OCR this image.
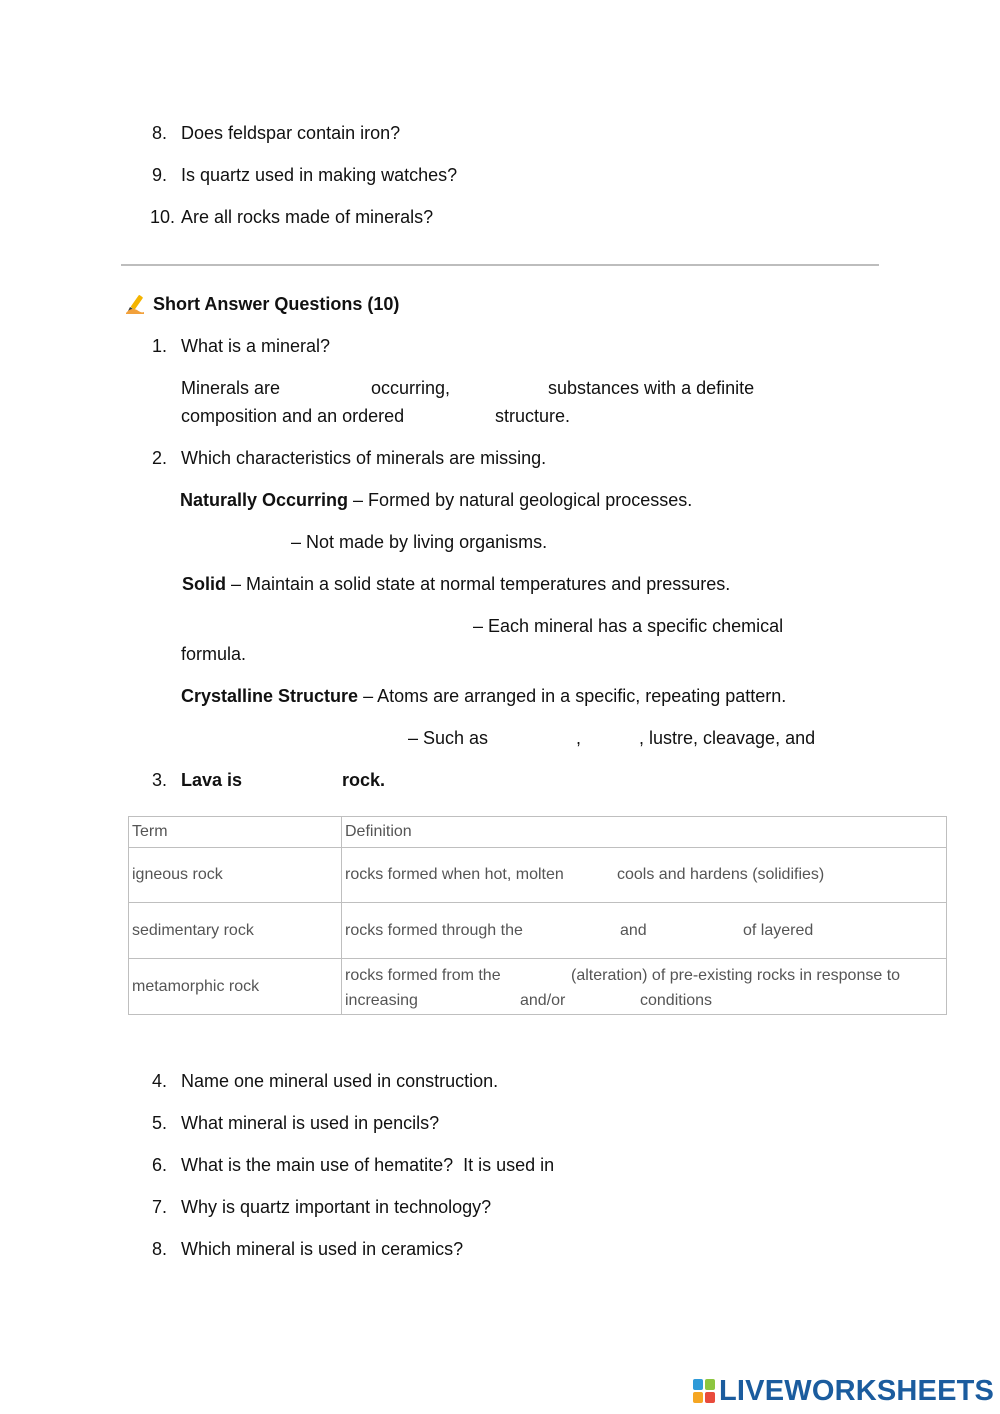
8. Does feldspar contain iron?
9. Is quartz used in making watches?
10. Are all rocks made of minerals?
Short Answer Questions (10)
1. What is a mineral?
Minerals are	occurring,	substances with a definite
composition and an ordered	structure.
2. Which characteristics of minerals are missing.
Naturally Occurring – Formed by natural geological processes.
– Not made by living organisms.
Solid – Maintain a solid state at normal temperatures and pressures.
– Each mineral has a specific chemical
formula.
Crystalline Structure – Atoms are arranged in a specific, repeating pattern.
– Such as	,	, lustre, cleavage, and
3. Lava is	rock.
Term	Definition
igneous rock	rocks formed when hot, molten cools and hardens (solidifies)

sedimentary rock	rocks formed through the and of layered

metamorphic rock	rocks formed from the (alteration) of pre-existing rocks in response to
increasing and/or conditions
4. Name one mineral used in construction.
5. What mineral is used in pencils?
6. What is the main use of hematite?  It is used in
7. Why is quartz important in technology?
8. Which mineral is used in ceramics?
LIVEWORKSHEETS
